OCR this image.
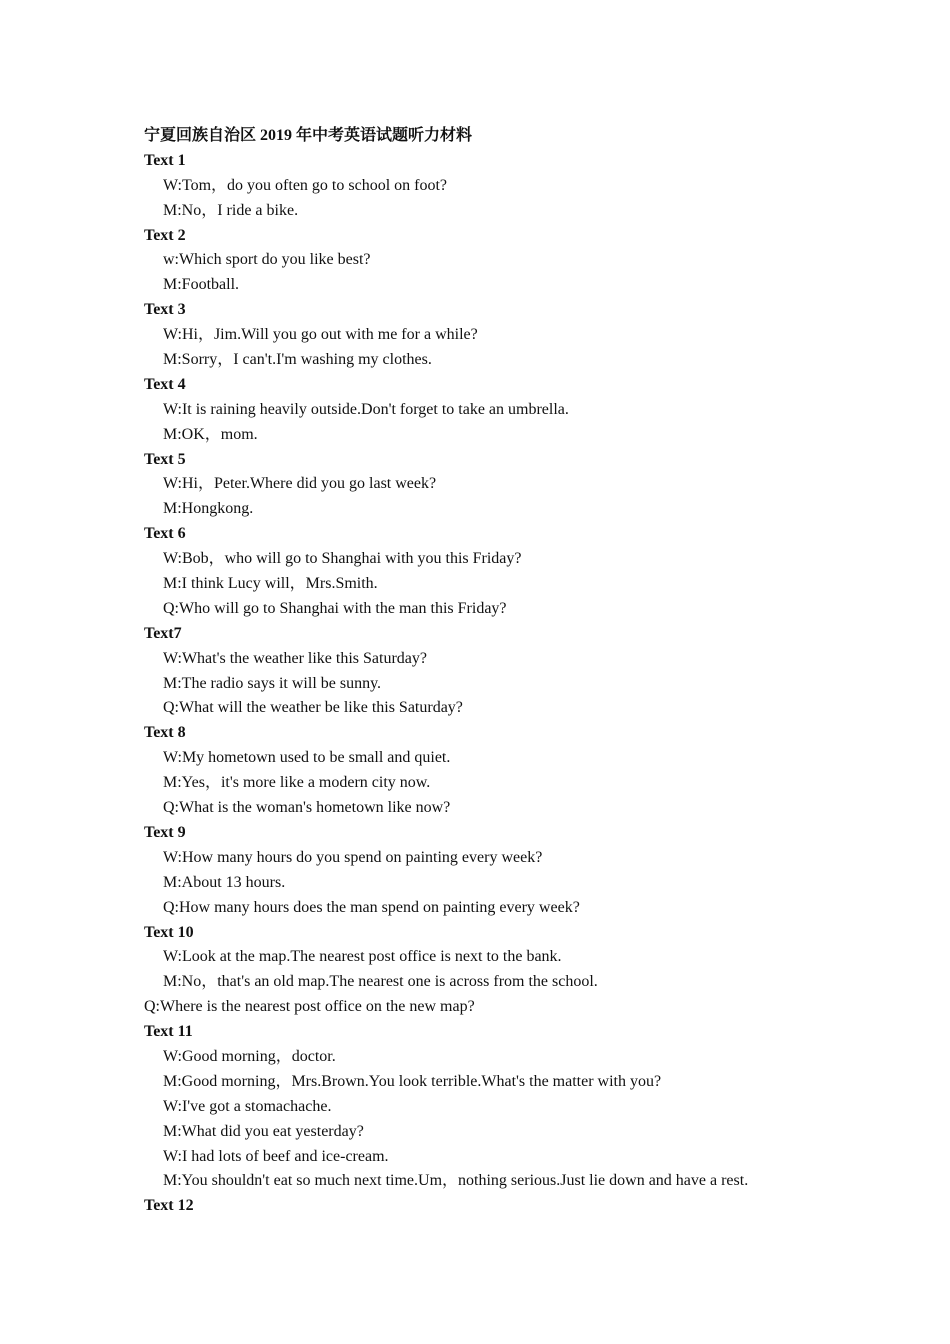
宁夏回族自治区 2019 年中考英语试题听力材料
Text 1
W:Tom，do you often go to school on foot?
M:No，I ride a bike.
Text 2
w:Which sport do you like best?
M:Football.
Text 3
W:Hi，Jim.Will you go out with me for a while?
M:Sorry，I can't.I'm washing my clothes.
Text 4
W:It is raining heavily outside.Don't forget to take an umbrella.
M:OK，mom.
Text 5
W:Hi，Peter.Where did you go last week?
M:Hongkong.
Text 6
W:Bob，who will go to Shanghai with you this Friday?
M:I think Lucy will，Mrs.Smith.
Q:Who will go to Shanghai with the man this Friday?
Text7
W:What's the weather like this Saturday?
M:The radio says it will be sunny.
Q:What will the weather be like this Saturday?
Text 8
W:My hometown used to be small and quiet.
M:Yes，it's more like a modern city now.
Q:What is the woman's hometown like now?
Text 9
W:How many hours do you spend on painting every week?
M:About 13 hours.
Q:How many hours does the man spend on painting every week?
Text 10
W:Look at the map.The nearest post office is next to the bank.
M:No，that's an old map.The nearest one is across from the school.
Q:Where is the nearest post office on the new map?
Text 11
W:Good morning，doctor.
M:Good morning，Mrs.Brown.You look terrible.What's the matter with you?
W:I've got a stomachache.
M:What did you eat yesterday?
W:I had lots of beef and ice-cream.
M:You shouldn't eat so much next time.Um，nothing serious.Just lie down and have a rest.
Text 12
